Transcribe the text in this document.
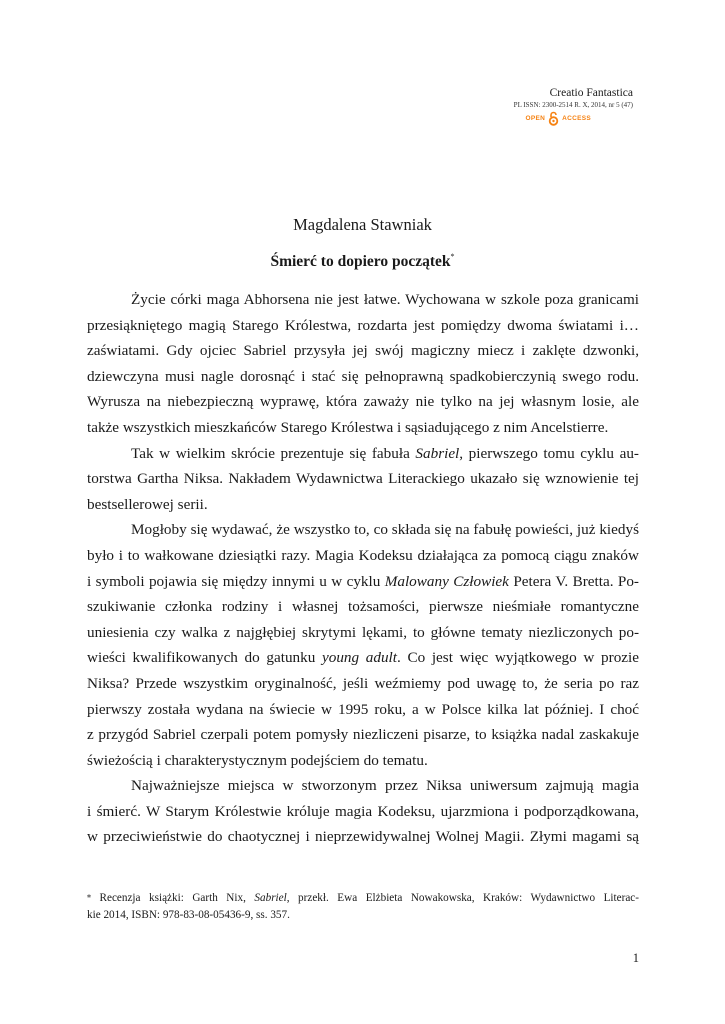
Creatio Fantastica
PL ISSN: 2300-2514 R. X, 2014, nr 5 (47)
OPEN	ACCESS
Magdalena Stawniak
Śmierć to dopiero początek*
Życie córki maga Abhorsena nie jest łatwe. Wychowana w szkole poza granicami
przesiąkniętego magią Starego Królestwa, rozdarta jest pomiędzy dwoma światami i…
zaświatami. Gdy ojciec Sabriel przysyła jej swój magiczny miecz i zaklęte dzwonki,
dziewczyna musi nagle dorosnąć i stać się pełnoprawną spadkobierczynią swego rodu.
Wyrusza na niebezpieczną wyprawę, która zaważy nie tylko na jej własnym losie, ale
także wszystkich mieszkańców Starego Królestwa i sąsiadującego z nim Ancelstierre.
Tak w wielkim skrócie prezentuje się fabuła Sabriel, pierwszego tomu cyklu au-
torstwa Gartha Niksa. Nakładem Wydawnictwa Literackiego ukazało się wznowienie tej
bestsellerowej serii.
Mogłoby się wydawać, że wszystko to, co składa się na fabułę powieści, już kiedyś
było i to wałkowane dziesiątki razy. Magia Kodeksu działająca za pomocą ciągu znaków
i symboli pojawia się między innymi u w cyklu Malowany Człowiek Petera V. Bretta. Po-
szukiwanie członka rodziny i własnej tożsamości, pierwsze nieśmiałe romantyczne
uniesienia czy walka z najgłębiej skrytymi lękami, to główne tematy niezliczonych po-
wieści kwalifikowanych do gatunku young adult. Co jest więc wyjątkowego w prozie
Niksa? Przede wszystkim oryginalność, jeśli weźmiemy pod uwagę to, że seria po raz
pierwszy została wydana na świecie w 1995 roku, a w Polsce kilka lat później. I choć
z przygód Sabriel czerpali potem pomysły niezliczeni pisarze, to książka nadal zaskakuje
świeżością i charakterystycznym podejściem do tematu.
Najważniejsze miejsca w stworzonym przez Niksa uniwersum zajmują magia
i śmierć. W Starym Królestwie króluje magia Kodeksu, ujarzmiona i podporządkowana,
w przeciwieństwie do chaotycznej i nieprzewidywalnej Wolnej Magii. Złymi magami są
⁎ Recenzja książki: Garth Nix, Sabriel, przekł. Ewa Elżbieta Nowakowska, Kraków: Wydawnictwo Literac-
kie 2014, ISBN: 978-83-08-05436-9, ss. 357.
1
